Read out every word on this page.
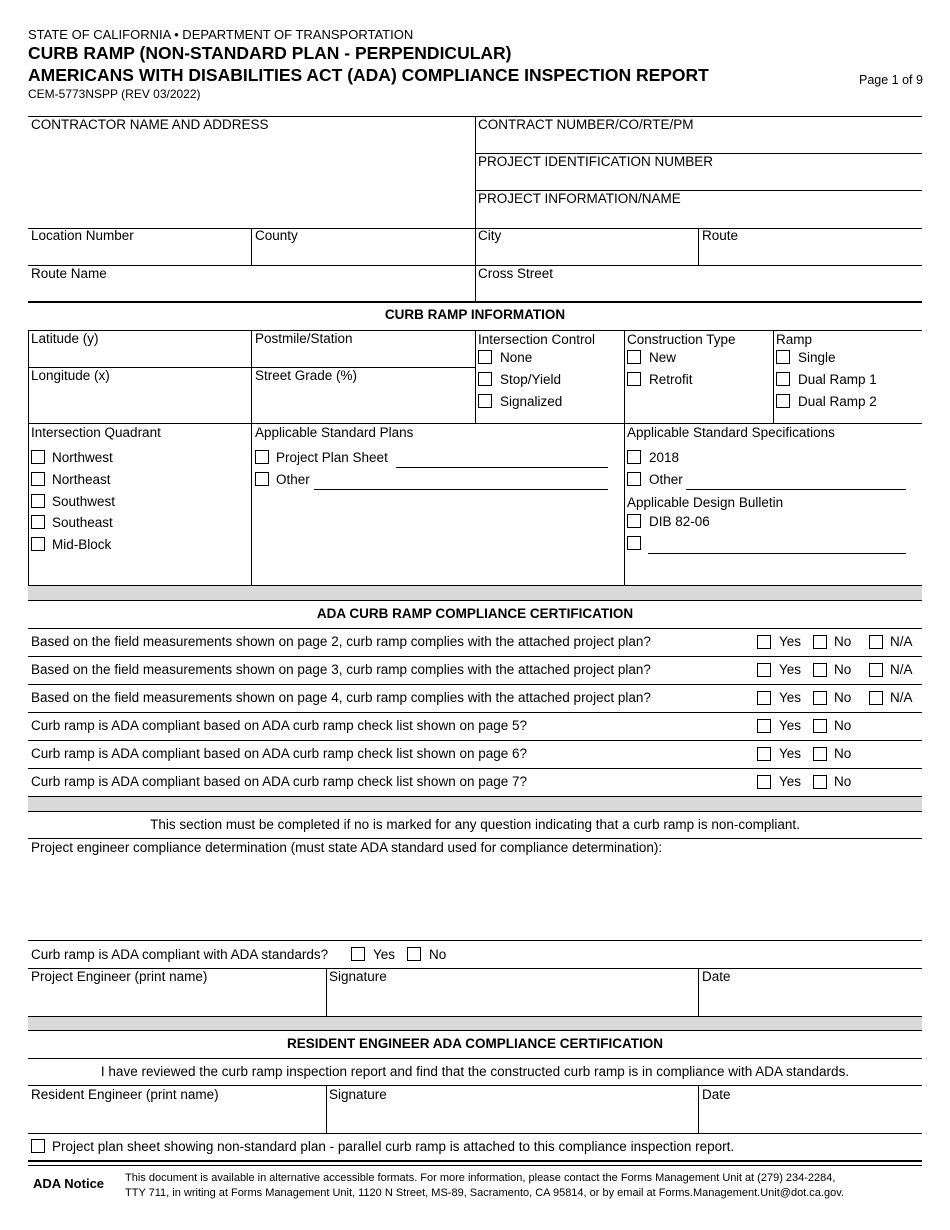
STATE OF CALIFORNIA • DEPARTMENT OF TRANSPORTATION
CURB RAMP (NON-STANDARD PLAN - PERPENDICULAR)
AMERICANS WITH DISABILITIES ACT (ADA) COMPLIANCE INSPECTION REPORT
CEM-5773NSPP (REV 03/2022)
Page 1 of 9
CONTRACTOR NAME AND ADDRESS	CONTRACT NUMBER/CO/RTE/PM
PROJECT IDENTIFICATION NUMBER
PROJECT INFORMATION/NAME
Location Number	County	City	Route
Route Name	Cross Street
CURB RAMP INFORMATION
Latitude (y)	Postmile/Station
Longitude (x)	Street Grade (%)
Intersection Control
None
Stop/Yield
Signalized
Construction Type
New
Retrofit
Ramp
Single
Dual Ramp 1
Dual Ramp 2
Intersection Quadrant
Northwest
Northeast
Southwest
Southeast
Mid-Block
Applicable Standard Plans
Project Plan Sheet
Other
Applicable Standard Specifications
2018
Other
Applicable Design Bulletin
DIB 82-06
ADA CURB RAMP COMPLIANCE CERTIFICATION
Based on the field measurements shown on page 2, curb ramp complies with the attached project plan?	Yes No	N/A
Based on the field measurements shown on page 3, curb ramp complies with the attached project plan?	Yes No	N/A
Based on the field measurements shown on page 4, curb ramp complies with the attached project plan?	Yes No	N/A
Curb ramp is ADA compliant based on ADA curb ramp check list shown on page 5?	Yes No
Curb ramp is ADA compliant based on ADA curb ramp check list shown on page 6?	Yes No
Curb ramp is ADA compliant based on ADA curb ramp check list shown on page 7?	Yes No
This section must be completed if no is marked for any question indicating that a curb ramp is non-compliant.
Project engineer compliance determination (must state ADA standard used for compliance determination):
Curb ramp is ADA compliant with ADA standards?	Yes	No
Project Engineer (print name)	Signature	Date
RESIDENT ENGINEER ADA COMPLIANCE CERTIFICATION
I have reviewed the curb ramp inspection report and find that the constructed curb ramp is in compliance with ADA standards.
Resident Engineer (print name)	Signature	Date
Project plan sheet showing non-standard plan - parallel curb ramp is attached to this compliance inspection report.
ADA Notice This document is available in alternative accessible formats. For more information, please contact the Forms Management Unit at (279) 234-2284,
TTY 711, in writing at Forms Management Unit, 1120 N Street, MS-89, Sacramento, CA 95814, or by email at Forms.Management.Unit@dot.ca.gov.
